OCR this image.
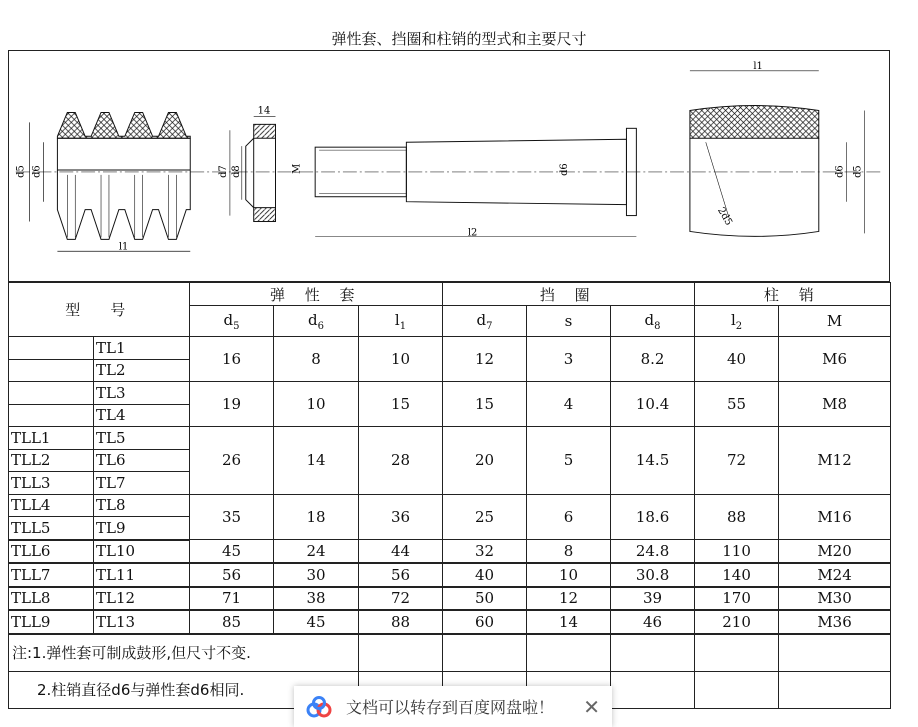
弹性套、挡圈和柱销的型式和主要尺寸
d5 d6
l1
14
d7 d8	M
l2
d6
l1
d6 d5
2d5
型　号		弹 性 套			挡 圈			柱 销	
		$d_5$	$d_6$	$l_1$	$d_7$	s	$d_8$	$l_2$	M
	TL1	16	8	10	12	3	8.2	40	M6
	TL2								
	TL3	19	10	15	15	4	10.4	55	M8
	TL4								
TLL1	TL5	26	14	28	20	5	14.5	72	M12
TLL2	TL6								
TLL3	TL7								
TLL4	TL8	35	18	36	25	6	18.6	88	M16
TLL5	TL9								
TLL6	TL10	45	24	44	32	8	24.8	110	M20
TLL7	TL11	56	30	56	40	10	30.8	140	M24
TLL8	TL12	71	38	72	50	12	39	170	M30
TLL9	TL13	85	45	88	60	14	46	210	M36
注:1.弹性套可制成鼓形,但尺寸不变.									
2.柱销直径d6与弹性套d6相同.									
文档可以转存到百度网盘啦！ ✕
